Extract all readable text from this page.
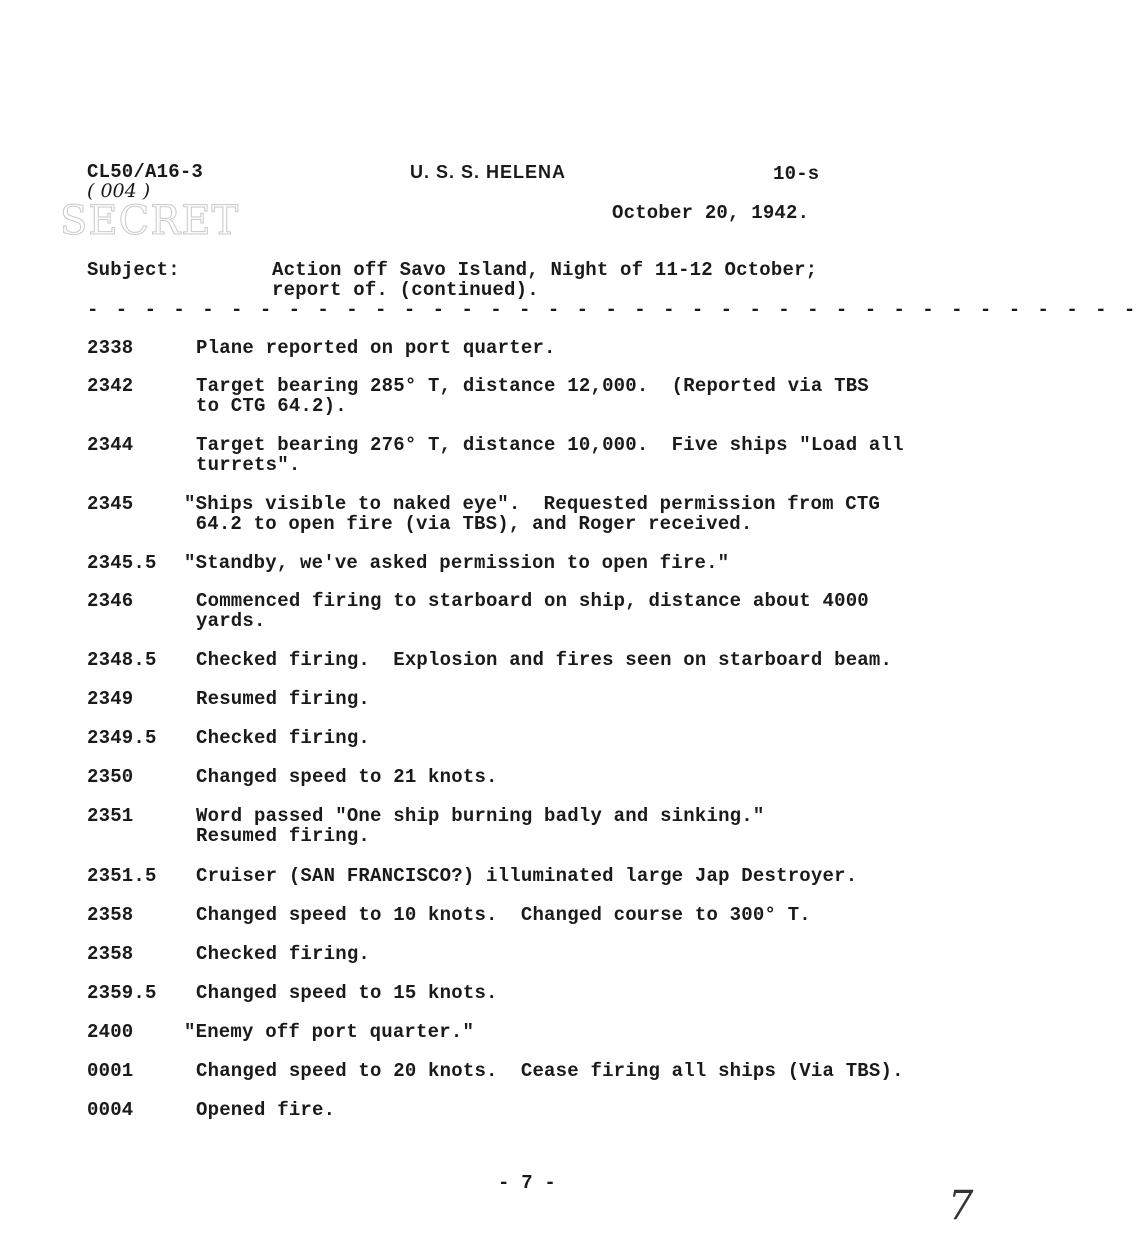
CL50/A16-3
( 004 )
SECRET
U. S. S. HELENA	10-s
October 20, 1942.
Subject:	Action off Savo Island, Night of 11-12 October;
report of. (continued).
- - - - - - - - - - - - - - - - - - - - - - - - - - - - - - - - - - - - -
2338	Plane reported on port quarter.
2342	Target bearing 285° T, distance 12,000.  (Reported via TBS
to CTG 64.2).
2344	Target bearing 276° T, distance 10,000.  Five ships "Load all
turrets".
2345	"Ships visible to naked eye".  Requested permission from CTG
64.2 to open fire (via TBS), and Roger received.
2345.5 "Standby, we've asked permission to open fire."
2346	Commenced firing to starboard on ship, distance about 4000
yards.
2348.5 Checked firing.  Explosion and fires seen on starboard beam.
2349	Resumed firing.
2349.5 Checked firing.
2350	Changed speed to 21 knots.
2351	Word passed "One ship burning badly and sinking."
Resumed firing.
2351.5 Cruiser (SAN FRANCISCO?) illuminated large Jap Destroyer.
2358	Changed speed to 10 knots.  Changed course to 300° T.
2358	Checked firing.
2359.5 Changed speed to 15 knots.
2400	"Enemy off port quarter."
0001	Changed speed to 20 knots.  Cease firing all ships (Via TBS).
0004	Opened fire.
- 7 -	7
